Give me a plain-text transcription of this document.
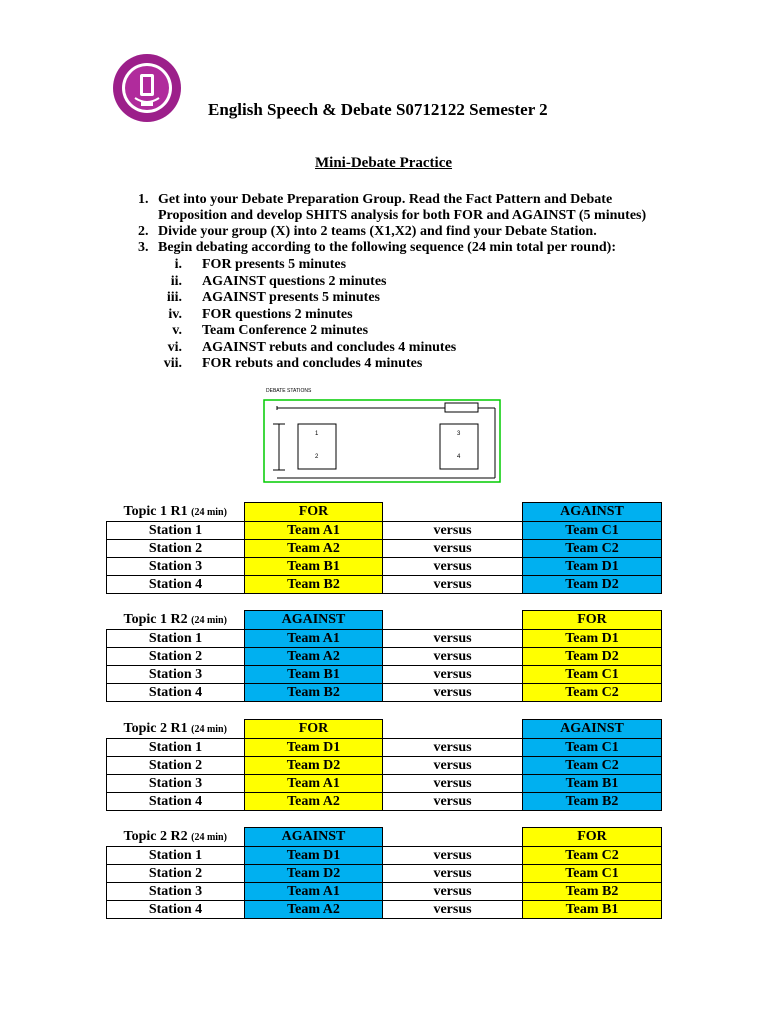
English Speech & Debate S0712122 Semester 2
Mini-Debate Practice
1. Get into your Debate Preparation Group. Read the Fact Pattern and Debate Proposition and develop SHITS analysis for both FOR and AGAINST (5 minutes)
2. Divide your group (X) into 2 teams (X1,X2) and find your Debate Station.
3. Begin debating according to the following sequence (24 min total per round):
i.	FOR presents 5 minutes
ii.	AGAINST questions 2 minutes
iii.	AGAINST presents 5 minutes
iv.	FOR questions 2 minutes
v.	Team Conference 2 minutes
vi.	AGAINST rebuts and concludes 4 minutes
vii.	FOR rebuts and concludes 4 minutes
DEBATE STATIONS
1
2
3
4
Topic 1 R1 (24 min)	FOR		AGAINST
Station 1	Team A1	versus	Team C1
Station 2	Team A2	versus	Team C2
Station 3	Team B1	versus	Team D1
Station 4	Team B2	versus	Team D2
Topic 1 R2 (24 min)	AGAINST		FOR
Station 1	Team A1	versus	Team D1
Station 2	Team A2	versus	Team D2
Station 3	Team B1	versus	Team C1
Station 4	Team B2	versus	Team C2
Topic 2 R1 (24 min)	FOR		AGAINST
Station 1	Team D1	versus	Team C1
Station 2	Team D2	versus	Team C2
Station 3	Team A1	versus	Team B1
Station 4	Team A2	versus	Team B2
Topic 2 R2 (24 min)	AGAINST		FOR
Station 1	Team D1	versus	Team C2
Station 2	Team D2	versus	Team C1
Station 3	Team A1	versus	Team B2
Station 4	Team A2	versus	Team B1
